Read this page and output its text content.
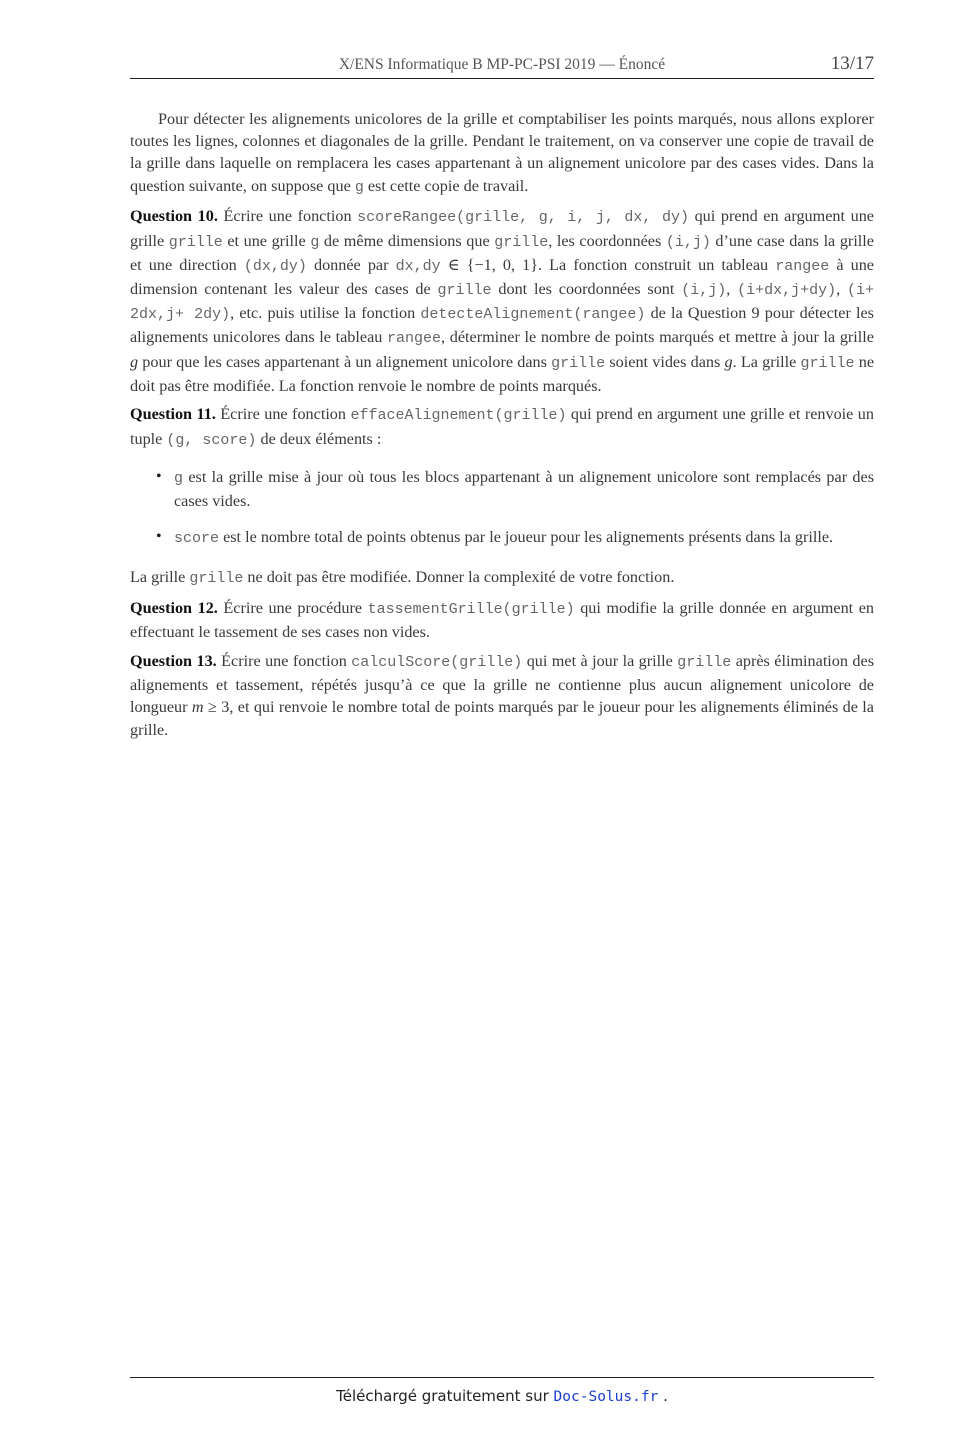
X/ENS Informatique B MP-PC-PSI 2019 — Énoncé	13/17

Pour détecter les alignements unicolores de la grille et comptabiliser les points marqués, nous allons explorer toutes les lignes, colonnes et diagonales de la grille. Pendant le traitement, on va conserver une copie de travail de la grille dans laquelle on remplacera les cases appartenant à un alignement unicolore par des cases vides. Dans la question suivante, on suppose que g est cette copie de travail.

Question 10. Écrire une fonction scoreRangee(grille, g, i, j, dx, dy) qui prend en argument une grille grille et une grille g de même dimensions que grille, les coordonnées (i,j) d’une case dans la grille et une direction (dx,dy) donnée par dx,dy ∈ {−1, 0, 1}. La fonction construit un tableau rangee à une dimension contenant les valeur des cases de grille dont les coordonnées sont (i,j), (i+dx,j+dy), (i+ 2dx,j+ 2dy), etc. puis utilise la fonction detecteAlignement(rangee) de la Question 9 pour détecter les alignements unicolores dans le tableau rangee, déterminer le nombre de points marqués et mettre à jour la grille g pour que les cases appartenant à un alignement unicolore dans grille soient vides dans g. La grille grille ne doit pas être modifiée. La fonction renvoie le nombre de points marqués.

Question 11. Écrire une fonction effaceAlignement(grille) qui prend en argument une grille et renvoie un tuple (g, score) de deux éléments :

• g est la grille mise à jour où tous les blocs appartenant à un alignement unicolore sont remplacés par des cases vides.
• score est le nombre total de points obtenus par le joueur pour les alignements présents dans la grille.

La grille grille ne doit pas être modifiée. Donner la complexité de votre fonction.

Question 12. Écrire une procédure tassementGrille(grille) qui modifie la grille donnée en argument en effectuant le tassement de ses cases non vides.

Question 13. Écrire une fonction calculScore(grille) qui met à jour la grille grille après élimination des alignements et tassement, répétés jusqu’à ce que la grille ne contienne plus aucun alignement unicolore de longueur m ≥ 3, et qui renvoie le nombre total de points marqués par le joueur pour les alignements éliminés de la grille.

Téléchargé gratuitement sur Doc-Solus.fr .
